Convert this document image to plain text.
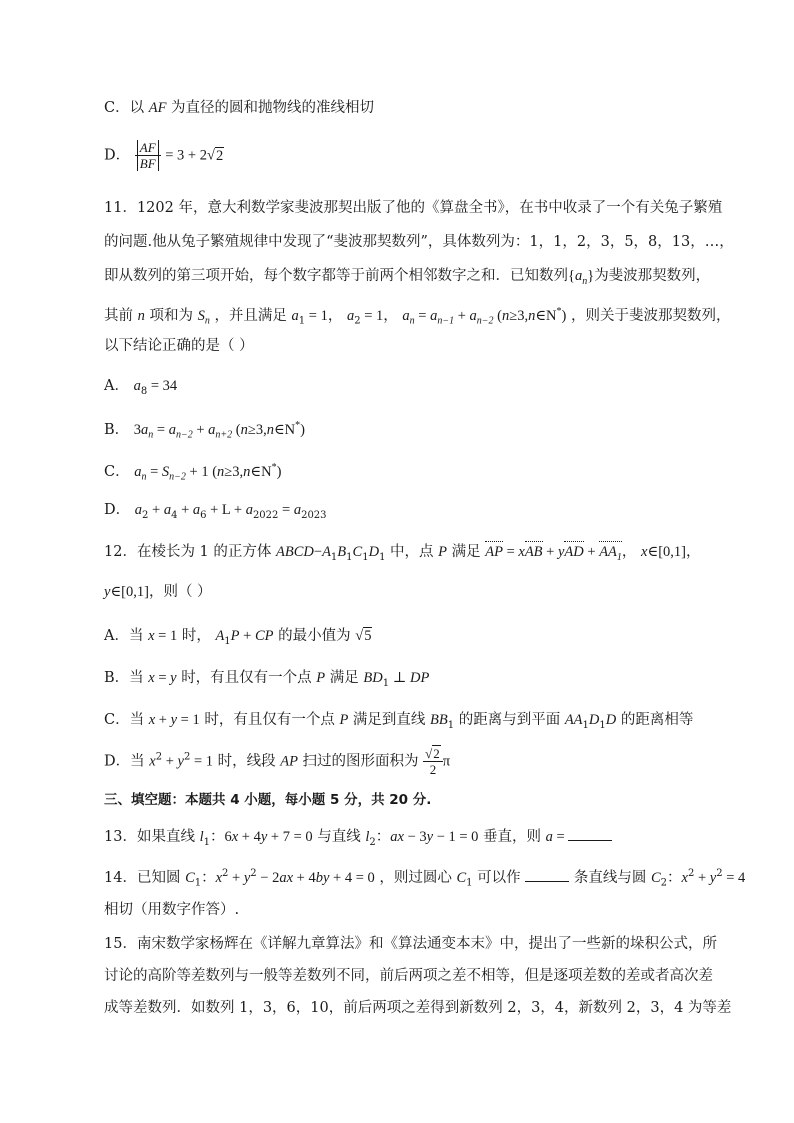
C．以 AF 为直径的圆和抛物线的准线相切
D． $\frac{AF}{BF} = 3 + 2√2$
11．1202 年，意大利数学家斐波那契出版了他的《算盘全书》，在书中收录了一个有关兔子繁殖
的问题.他从兔子繁殖规律中发现了“斐波那契数列”，具体数列为：1，1，2，3，5，8，13，…，
即从数列的第三项开始，每个数字都等于前两个相邻数字之和．已知数列$\{a_n\}$为斐波那契数列，
其前 n 项和为 $S_n$ ，并且满足 $a_1 = 1$， $a_2 = 1$， $a_n = a_{n-1} + a_{n-2}$ (n≥3,n∈N*) ，则关于斐波那契数列，
以下结论正确的是（ ）
A． $a_8 = 34$
B． $3a_n = a_{n-2} + a_{n+2}$ (n≥3,n∈N*)
C． $a_n = S_{n-2} + 1$ (n≥3,n∈N*)
D． $a_2 + a_4 + a_6 + L + a_{2022} = a_{2023}$
12．在棱长为 1 的正方体 $ABCD-A_1B_1C_1D_1$ 中，点 P 满足 AP = xAB + yAD + $AA_1$， x∈[0,1]，
y∈[0,1]，则（ ）
A．当 x = 1 时， $A_1P$ + CP 的最小值为 √5
B．当 x = y 时，有且仅有一个点 P 满足 $BD_1$ ⊥ DP
C．当 x + y = 1 时，有且仅有一个点 P 满足到直线 $BB_1$ 的距离与到平面 $AA_1D_1D$ 的距离相等
D．当 $x^2 + y^2 = 1$ 时，线段 AP 扫过的图形面积为 $\frac{√2}{2}$ π
三、填空题：本题共 4 小题，每小题 5 分，共 20 分.
13．如果直线 $l_1$：6x + 4y + 7 = 0 与直线 $l_2$：ax − 3y − 1 = 0 垂直，则 a =
14．已知圆 $C_1$：$x^2 + y^2 - 2ax + 4by + 4 = 0$ ，则过圆心 $C_1$ 可以作	条直线与圆 $C_2$：$x^2 + y^2 = 4$
相切（用数字作答）.
15．南宋数学家杨辉在《详解九章算法》和《算法通变本末》中，提出了一些新的垛积公式，所
讨论的高阶等差数列与一般等差数列不同，前后两项之差不相等，但是逐项差数的差或者高次差
成等差数列．如数列 1，3，6，10，前后两项之差得到新数列 2，3，4，新数列 2，3，4 为等差
